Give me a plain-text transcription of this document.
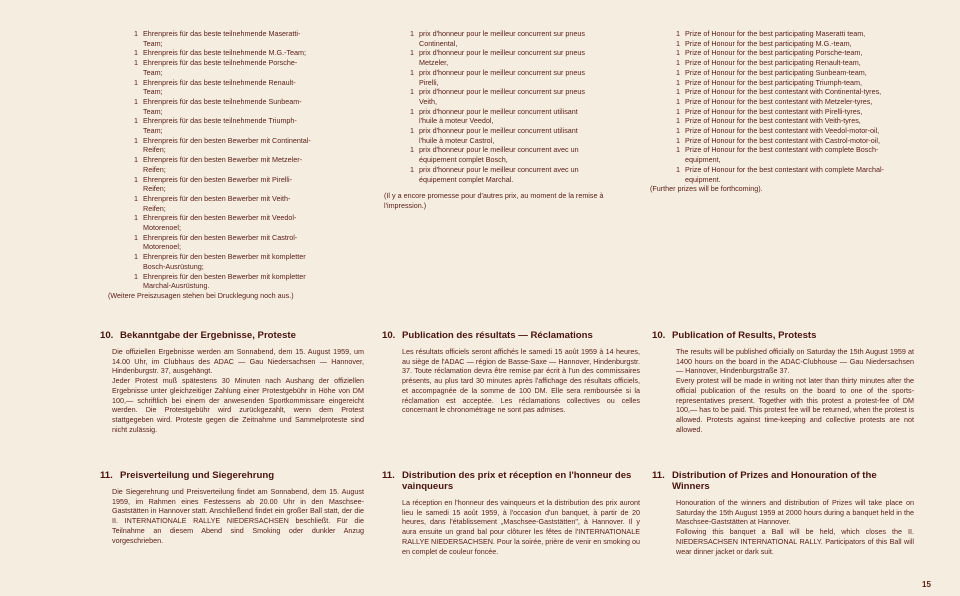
1 Ehrenpreis für das beste teilnehmende Maseratti-Team;
1 Ehrenpreis für das beste teilnehmende M.G.-Team;
1 Ehrenpreis für das beste teilnehmende Porsche-Team;
1 Ehrenpreis für das beste teilnehmende Renault-Team;
1 Ehrenpreis für das beste teilnehmende Sunbeam-Team;
1 Ehrenpreis für das beste teilnehmende Triumph-Team;
1 Ehrenpreis für den besten Bewerber mit Continental-Reifen;
1 Ehrenpreis für den besten Bewerber mit Metzeler-Reifen;
1 Ehrenpreis für den besten Bewerber mit Pirelli-Reifen;
1 Ehrenpreis für den besten Bewerber mit Veith-Reifen;
1 Ehrenpreis für den besten Bewerber mit Veedol-Motorenoel;
1 Ehrenpreis für den besten Bewerber mit Castrol-Motorenoel;
1 Ehrenpreis für den besten Bewerber mit kompletter Bosch-Ausrüstung;
1 Ehrenpreis für den besten Bewerber mit kompletter Marchal-Ausrüstung.
(Weitere Preiszusagen stehen bei Drucklegung noch aus.)
10. Bekanntgabe der Ergebnisse, Proteste

Die offiziellen Ergebnisse werden am Sonnabend, dem 15. August 1959, um 14.00 Uhr, im Clubhaus des ADAC — Gau Niedersachsen — Hannover, Hindenburgstr. 37, ausgehängt.

Jeder Protest muß spätestens 30 Minuten nach Aushang der offiziellen Ergebnisse unter gleichzeitiger Zahlung einer Protestgebühr in Höhe von DM 100,— schriftlich bei einem der anwesenden Sportkommissare eingereicht werden. Die Protestgebühr wird zurückgezahlt, wenn dem Protest stattgegeben wird. Proteste gegen die Zeitnahme und Sammelproteste sind nicht zulässig.

11. Preisverteilung und Siegerehrung

Die Siegerehrung und Preisverteilung findet am Sonnabend, dem 15. August 1959, im Rahmen eines Festessens ab 20.00 Uhr in den Maschsee-Gaststätten in Hannover statt. Anschließend findet ein großer Ball statt, der die II. INTERNATIONALE RALLYE NIEDERSACHSEN beschließt. Für die Teilnahme an diesem Abend sind Smoking oder dunkler Anzug vorgeschrieben.

1 prix d'honneur pour le meilleur concurrent sur pneus Continental,
1 prix d'honneur pour le meilleur concurrent sur pneus Metzeler,
1 prix d'honneur pour le meilleur concurrent sur pneus Pirelli,
1 prix d'honneur pour le meilleur concurrent sur pneus Veith,
1 prix d'honneur pour le meilleur concurrent utilisant l'huile à moteur Veedol,
1 prix d'honneur pour le meilleur concurrent utilisant l'huile à moteur Castrol,
1 prix d'honneur pour le meilleur concurrent avec un équipement complet Bosch,
1 prix d'honneur pour le meilleur concurrent avec un équipement complet Marchal.
(Il y a encore promesse pour d'autres prix, au moment de la remise à l'impression.)
10. Publication des résultats — Réclamations

Les résultats officiels seront affichés le samedi 15 août 1959 à 14 heures, au siège de l'ADAC — région de Basse-Saxe — Hannover, Hindenburgstr. 37. Toute réclamation devra être remise par écrit à l'un des commissaires présents, au plus tard 30 minutes après l'affichage des résultats officiels, et accompagnée de la somme de 100 DM. Elle sera remboursée si la réclamation est acceptée. Les réclamations collectives ou celles concernant le chronométrage ne sont pas admises.

11. Distribution des prix et réception en l'honneur des vainqueurs

La réception en l'honneur des vainqueurs et la distribution des prix auront lieu le samedi 15 août 1959, à l'occasion d'un banquet, à partir de 20 heures, dans l'établissement „Maschsee-Gaststätten", à Hannover. Il y aura ensuite un grand bal pour clôturer les fêtes de l'INTERNATIONALE RALLYE NIEDERSACHSEN. Pour la soirée, prière de venir en smoking ou en complet de couleur foncée.

1 Prize of Honour for the best participating Maseratti team,
1 Prize of Honour for the best participating M.G.-team,
1 Prize of Honour for the best participating Porsche-team,
1 Prize of Honour for the best participating Renault-team,
1 Prize of Honour for the best participating Sunbeam-team,
1 Prize of Honour for the best participating Triumph-team,
1 Prize of Honour for the best contestant with Continental-tyres,
1 Prize of Honour for the best contestant with Metzeler-tyres,
1 Prize of Honour for the best contestant with Pirelli-tyres,
1 Prize of Honour for the best contestant with Veith-tyres,
1 Prize of Honour for the best contestant with Veedol-motor-oil,
1 Prize of Honour for the best contestant with Castrol-motor-oil,
1 Prize of Honour for the best contestant with complete Bosch-equipment,
1 Prize of Honour for the best contestant with complete Marchal-equipment.
(Further prizes will be forthcoming).
10. Publication of Results, Protests

The results will be published officially on Saturday the 15th August 1959 at 1400 hours on the board in the ADAC-Clubhouse — Gau Niedersachsen — Hannover, Hindenburgstraße 37.

Every protest will be made in writing not later than thirty minutes after the official publication of the results on the board to one of the sports-representatives present. Together with this protest a protest-fee of DM 100,— has to be paid. This protest fee will be returned, when the protest is allowed. Protests against time-keeping and collective protests are not allowed.

11. Distribution of Prizes and Honouration of the Winners

Honouration of the winners and distribution of Prizes will take place on Saturday the 15th August 1959 at 2000 hours during a banquet held in the Maschsee-Gaststätten at Hannover.

Following this banquet a Ball will be held, which closes the II. NIEDERSACHSEN INTERNATIONAL RALLY. Participators of this Ball will wear dinner jacket or dark suit.

15
